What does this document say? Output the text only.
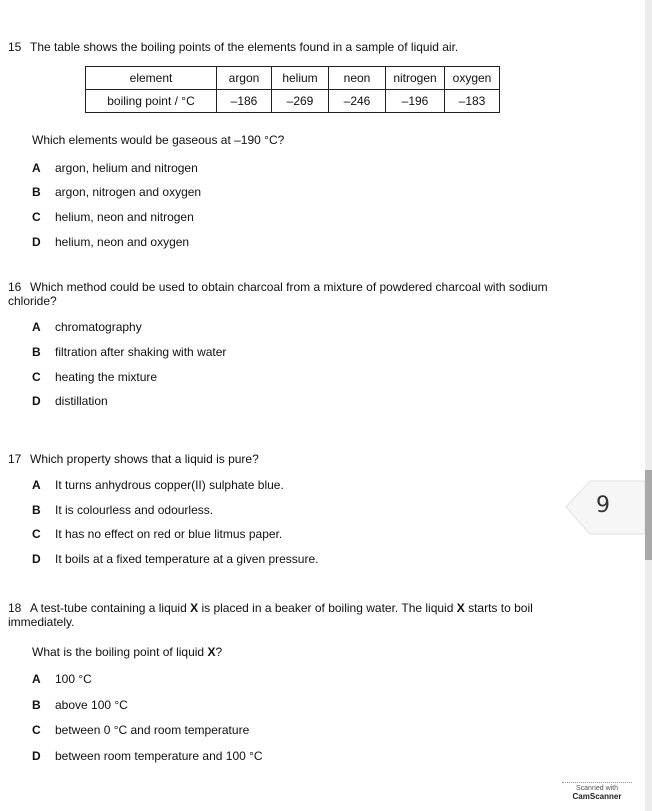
15 The table shows the boiling points of the elements found in a sample of liquid air.
element	argon	helium	neon	nitrogen	oxygen
boiling point / °C	–186	–269	–246	–196	–183
Which elements would be gaseous at –190 °C?
A argon, helium and nitrogen
B argon, nitrogen and oxygen
C helium, neon and nitrogen
D helium, neon and oxygen
16 Which method could be used to obtain charcoal from a mixture of powdered charcoal with sodium chloride?
A chromatography
B filtration after shaking with water
C heating the mixture
D distillation
17 Which property shows that a liquid is pure?
A It turns anhydrous copper(II) sulphate blue.
B It is colourless and odourless.
C It has no effect on red or blue litmus paper.
D It boils at a fixed temperature at a given pressure.
18 A test-tube containing a liquid X is placed in a beaker of boiling water. The liquid X starts to boil immediately.
What is the boiling point of liquid X?
A 100 °C
B above 100 °C
C between 0 °C and room temperature
D between room temperature and 100 °C
9
Scanned with
CamScanner
